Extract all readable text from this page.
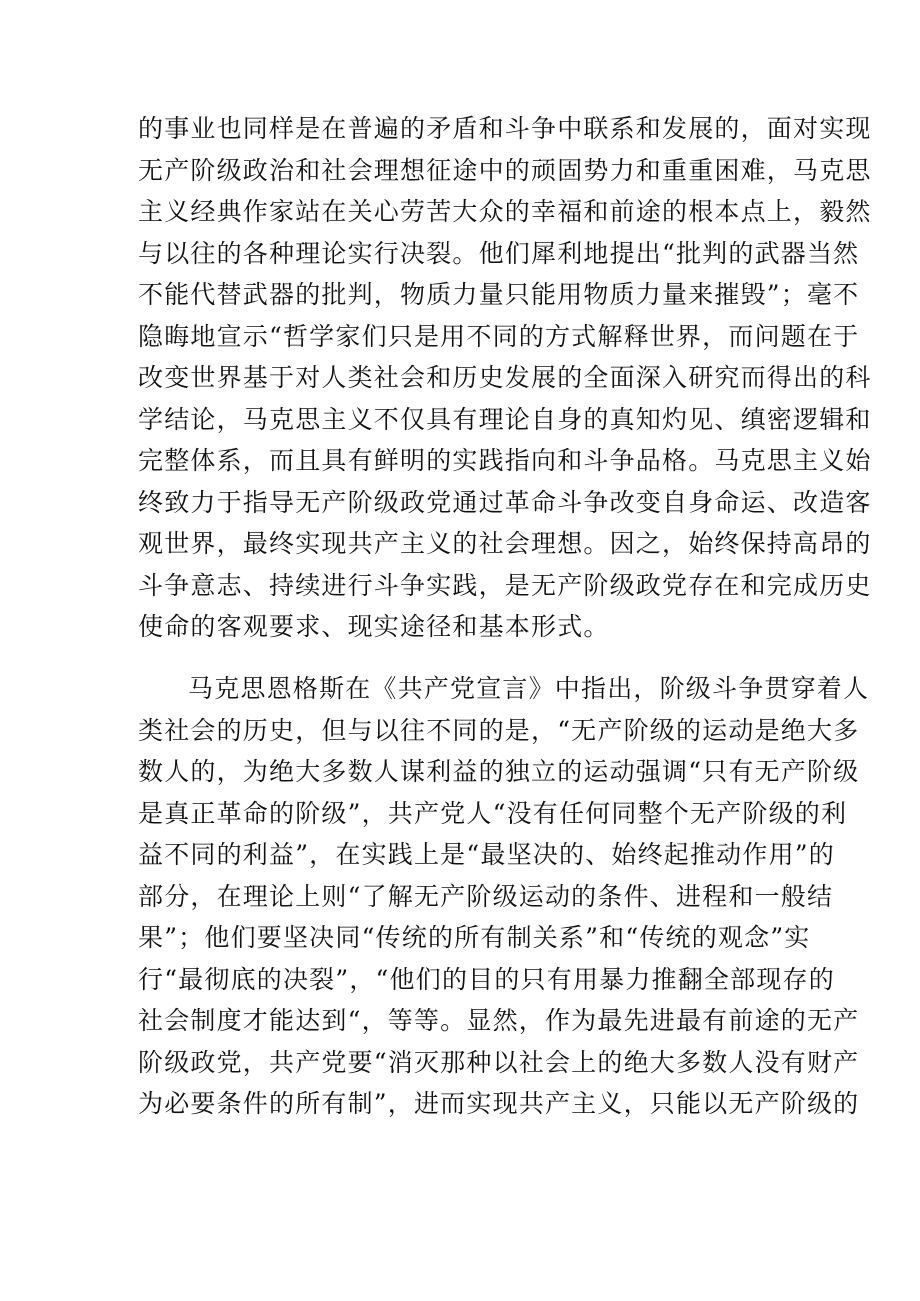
的事业也同样是在普遍的矛盾和斗争中联系和发展的，面对实现
无产阶级政治和社会理想征途中的顽固势力和重重困难，马克思
主义经典作家站在关心劳苦大众的幸福和前途的根本点上，毅然
与以往的各种理论实行决裂。他们犀利地提出“批判的武器当然
不能代替武器的批判，物质力量只能用物质力量来摧毁”；毫不
隐晦地宣示“哲学家们只是用不同的方式解释世界，而问题在于
改变世界基于对人类社会和历史发展的全面深入研究而得出的科
学结论，马克思主义不仅具有理论自身的真知灼见、缜密逻辑和
完整体系，而且具有鲜明的实践指向和斗争品格。马克思主义始
终致力于指导无产阶级政党通过革命斗争改变自身命运、改造客
观世界，最终实现共产主义的社会理想。因之，始终保持高昂的
斗争意志、持续进行斗争实践，是无产阶级政党存在和完成历史
使命的客观要求、现实途径和基本形式。
马克思恩格斯在《共产党宣言》中指出，阶级斗争贯穿着人
类社会的历史，但与以往不同的是，“无产阶级的运动是绝大多
数人的，为绝大多数人谋利益的独立的运动强调“只有无产阶级
是真正革命的阶级”，共产党人“没有任何同整个无产阶级的利
益不同的利益”，在实践上是“最坚决的、始终起推动作用”的
部分，在理论上则“了解无产阶级运动的条件、进程和一般结
果”；他们要坚决同“传统的所有制关系”和“传统的观念”实
行“最彻底的决裂”，“他们的目的只有用暴力推翻全部现存的
社会制度才能达到“，等等。显然，作为最先进最有前途的无产
阶级政党，共产党要“消灭那种以社会上的绝大多数人没有财产
为必要条件的所有制”，进而实现共产主义，只能以无产阶级的
